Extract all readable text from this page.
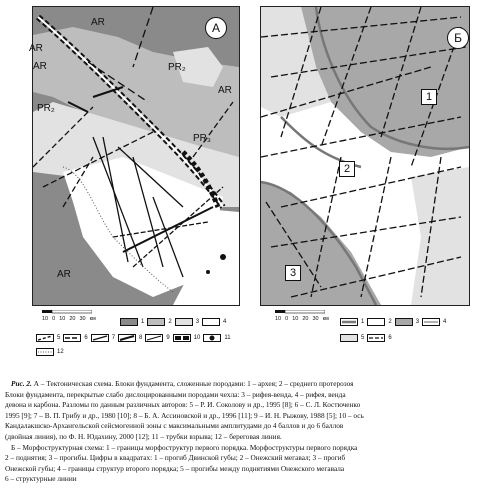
AR
AR
AR
AR
PR₂
PR₂
PR₃
AR
А
Б
1
2
3
10 0 10 20 30 км	10 0 10 20 30 км
1	2	3	4
5	6	7	8	9	10	11
12
1	2	3	4
5	6

Рис. 2. А – Тектоническая схема. Блоки фундамента, сложенные породами: 1 – архея; 2 – среднего протерозоя

Блоки фундамента, перекрытые слабо дислоцированными породами чехла: 3 – рифея-венда, 4 – рифея, венда

девона и карбона. Разломы по данным различных авторов: 5 – Р. И. Соколову и др., 1995 [8]; 6 – С. Л. Костюченко

1995 [9]; 7 – В. П. Грибу и др., 1980 [10]; 8 – Б. А. Ассиновской и др., 1996 [11]; 9 – И. Н. Рыжову, 1988 [5]; 10 – ось

Кандалакшско-Архангельской сейсмогенной зоны с максимальными амплитудами до 4 баллов и до 6 баллов

(двойная линия), по Ф. Н. Юдахину, 2000 [12]; 11 – трубки взрыва; 12 – береговая линия.

Б – Морфоструктурная схема: 1 – границы морфоструктур первого порядка. Морфоструктуры первого порядка

2 – поднятия; 3 – прогибы. Цифры в квадратах: 1 – прогиб Двинской губы; 2 – Онежский мегавал; 3 – прогиб

Онежской губы; 4 – границы структур второго порядка; 5 – прогибы между поднятиями Онежского мегавала

6 – структурные линии
